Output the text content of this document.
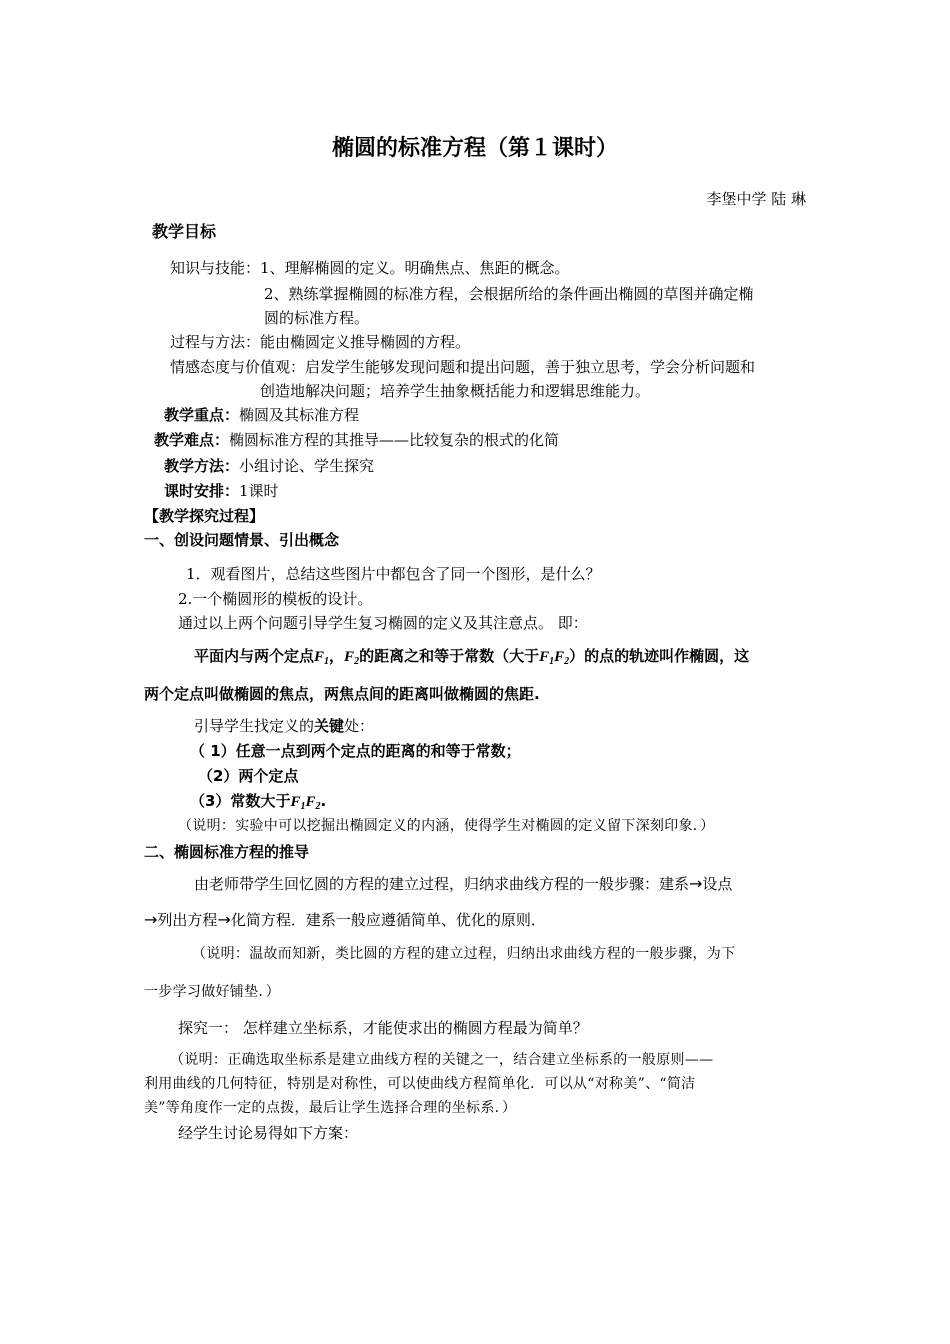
椭圆的标准方程（第１课时）
李堡中学 陆 琳
教学目标
知识与技能：1、理解椭圆的定义。明确焦点、焦距的概念。
2、熟练掌握椭圆的标准方程，会根据所给的条件画出椭圆的草图并确定椭
圆的标准方程。
过程与方法：能由椭圆定义推导椭圆的方程。
情感态度与价值观：启发学生能够发现问题和提出问题，善于独立思考，学会分析问题和
创造地解决问题；培养学生抽象概括能力和逻辑思维能力。
教学重点：椭圆及其标准方程
教学难点：椭圆标准方程的其推导——比较复杂的根式的化简
教学方法：小组讨论、学生探究
课时安排：1课时
【教学探究过程】
一、创设问题情景、引出概念
1．观看图片，总结这些图片中都包含了同一个图形，是什么？
2.一个椭圆形的模板的设计。
通过以上两个问题引导学生复习椭圆的定义及其注意点。 即：
平面内与两个定点$F_1$，$F_2$的距离之和等于常数（大于$F_1F_2$）的点的轨迹叫作椭圆，这
两个定点叫做椭圆的焦点，两焦点间的距离叫做椭圆的焦距.
引导学生找定义的关键处：
（ 1）任意一点到两个定点的距离的和等于常数；
（2）两个定点
（3）常数大于$F_1F_2$.
（说明：实验中可以挖掘出椭圆定义的内涵，使得学生对椭圆的定义留下深刻印象．）
二、椭圆标准方程的推导
由老师带学生回忆圆的方程的建立过程，归纳求曲线方程的一般步骤：建系→设点
→列出方程→化简方程．建系一般应遵循简单、优化的原则．
（说明：温故而知新，类比圆的方程的建立过程，归纳出求曲线方程的一般步骤，为下
一步学习做好铺垫．）
探究一： 怎样建立坐标系，才能使求出的椭圆方程最为简单？
（说明：正确选取坐标系是建立曲线方程的关键之一，结合建立坐标系的一般原则——
利用曲线的几何特征，特别是对称性，可以使曲线方程简单化．可以从“对称美”、“简洁
美”等角度作一定的点拨，最后让学生选择合理的坐标系．）
经学生讨论易得如下方案：
